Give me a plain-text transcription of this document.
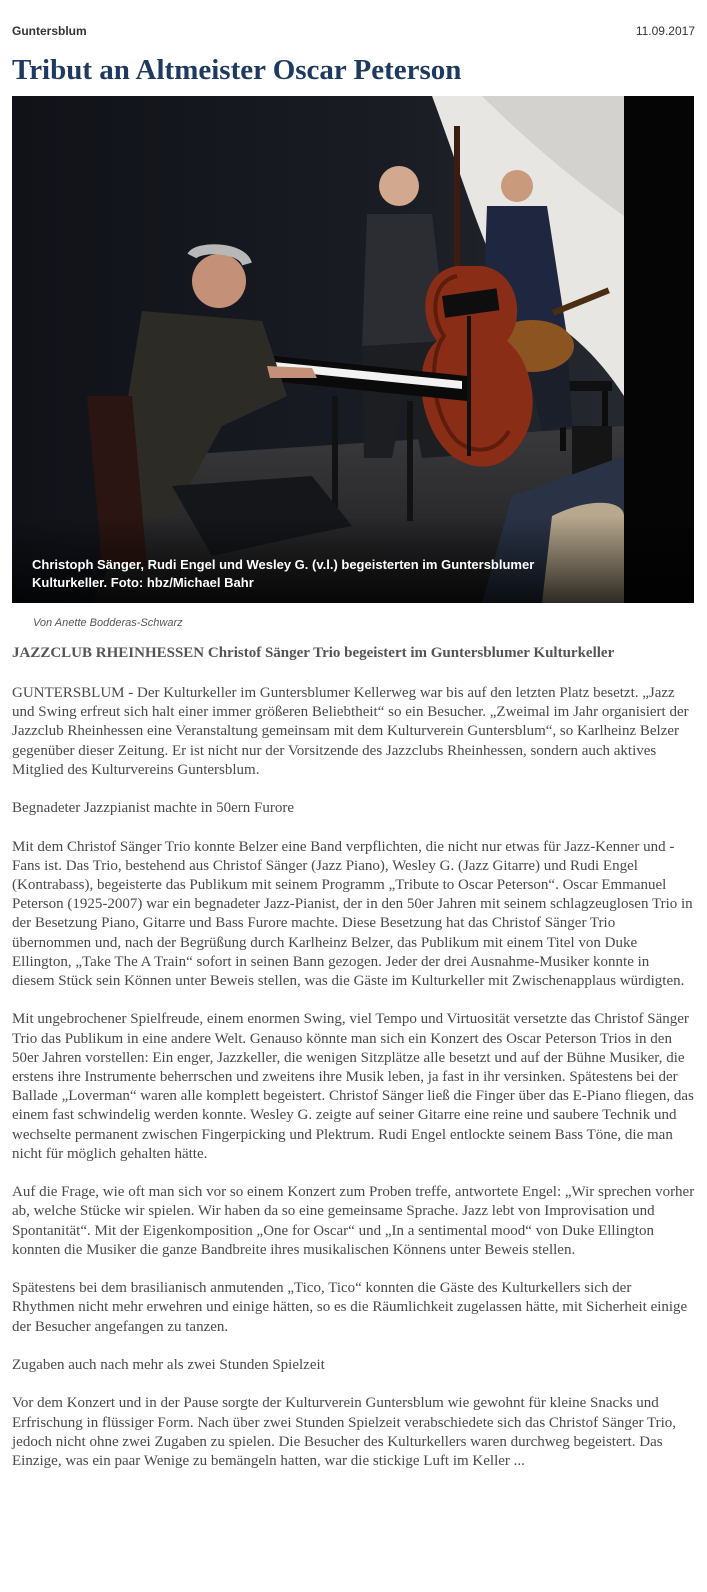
Guntersblum	11.09.2017
Tribut an Altmeister Oscar Peterson
Christoph Sänger, Rudi Engel und Wesley G. (v.l.) begeisterten im Guntersblumer
Kulturkeller. Foto: hbz/Michael Bahr
Von Anette Bodderas-Schwarz
JAZZCLUB RHEINHESSEN Christof Sänger Trio begeistert im Guntersblumer Kulturkeller

GUNTERSBLUM - Der Kulturkeller im Guntersblumer Kellerweg war bis auf den letzten Platz besetzt. „Jazz und Swing erfreut sich halt einer immer größeren Beliebtheit“ so ein Besucher. „Zweimal im Jahr organisiert der Jazzclub Rheinhessen eine Veranstaltung gemeinsam mit dem Kulturverein Guntersblum“, so Karlheinz Belzer gegenüber dieser Zeitung. Er ist nicht nur der Vorsitzende des Jazzclubs Rheinhessen, sondern auch aktives Mitglied des Kulturvereins Guntersblum.

Begnadeter Jazzpianist machte in 50ern Furore

Mit dem Christof Sänger Trio konnte Belzer eine Band verpflichten, die nicht nur etwas für Jazz-Kenner und -Fans ist. Das Trio, bestehend aus Christof Sänger (Jazz Piano), Wesley G. (Jazz Gitarre) und Rudi Engel (Kontrabass), begeisterte das Publikum mit seinem Programm „Tribute to Oscar Peterson“. Oscar Emmanuel Peterson (1925-2007) war ein begnadeter Jazz-Pianist, der in den 50er Jahren mit seinem schlagzeuglosen Trio in der Besetzung Piano, Gitarre und Bass Furore machte. Diese Besetzung hat das Christof Sänger Trio übernommen und, nach der Begrüßung durch Karlheinz Belzer, das Publikum mit einem Titel von Duke Ellington, „Take The A Train“ sofort in seinen Bann gezogen. Jeder der drei Ausnahme-Musiker konnte in diesem Stück sein Können unter Beweis stellen, was die Gäste im Kulturkeller mit Zwischenapplaus würdigten.

Mit ungebrochener Spielfreude, einem enormen Swing, viel Tempo und Virtuosität versetzte das Christof Sänger Trio das Publikum in eine andere Welt. Genauso könnte man sich ein Konzert des Oscar Peterson Trios in den 50er Jahren vorstellen: Ein enger, Jazzkeller, die wenigen Sitzplätze alle besetzt und auf der Bühne Musiker, die erstens ihre Instrumente beherrschen und zweitens ihre Musik leben, ja fast in ihr versinken. Spätestens bei der Ballade „Loverman“ waren alle komplett begeistert. Christof Sänger ließ die Finger über das E-Piano fliegen, das einem fast schwindelig werden konnte. Wesley G. zeigte auf seiner Gitarre eine reine und saubere Technik und wechselte permanent zwischen Fingerpicking und Plektrum. Rudi Engel entlockte seinem Bass Töne, die man nicht für möglich gehalten hätte.

Auf die Frage, wie oft man sich vor so einem Konzert zum Proben treffe, antwortete Engel: „Wir sprechen vorher ab, welche Stücke wir spielen. Wir haben da so eine gemeinsame Sprache. Jazz lebt von Improvisation und Spontanität“. Mit der Eigenkomposition „One for Oscar“ und „In a sentimental mood“ von Duke Ellington konnten die Musiker die ganze Bandbreite ihres musikalischen Könnens unter Beweis stellen.

Spätestens bei dem brasilianisch anmutenden „Tico, Tico“ konnten die Gäste des Kulturkellers sich der Rhythmen nicht mehr erwehren und einige hätten, so es die Räumlichkeit zugelassen hätte, mit Sicherheit einige der Besucher angefangen zu tanzen.

Zugaben auch nach mehr als zwei Stunden Spielzeit

Vor dem Konzert und in der Pause sorgte der Kulturverein Guntersblum wie gewohnt für kleine Snacks und Erfrischung in flüssiger Form. Nach über zwei Stunden Spielzeit verabschiedete sich das Christof Sänger Trio, jedoch nicht ohne zwei Zugaben zu spielen. Die Besucher des Kulturkellers waren durchweg begeistert. Das Einzige, was ein paar Wenige zu bemängeln hatten, war die stickige Luft im Keller ...
